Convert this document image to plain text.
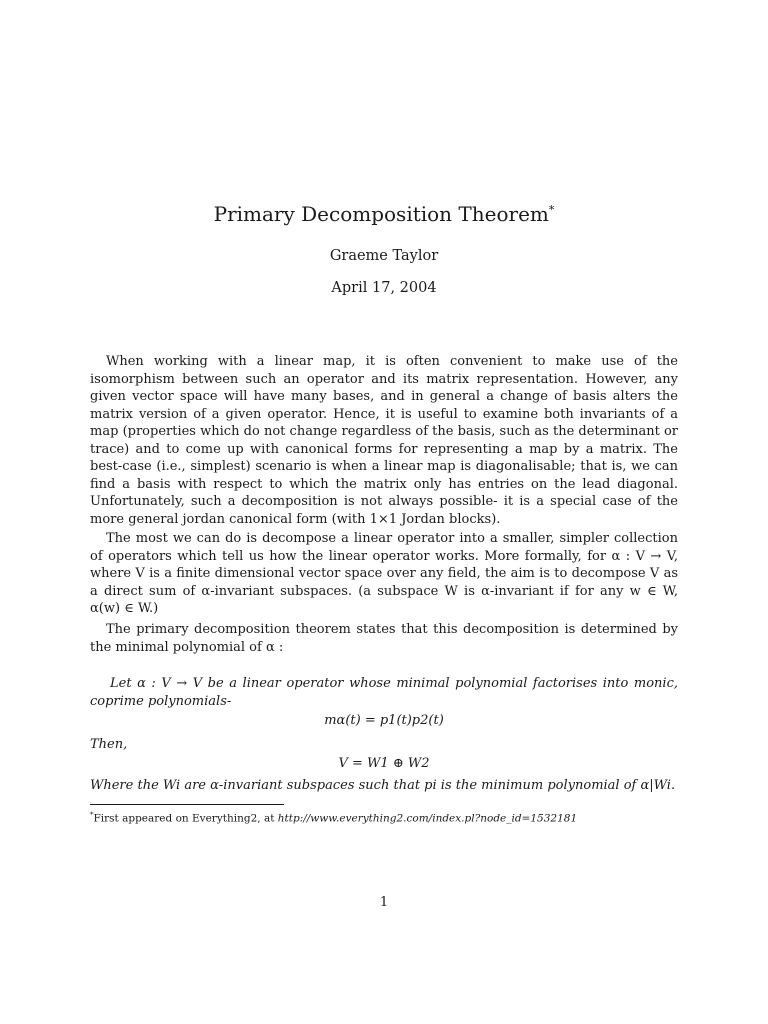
Primary Decomposition Theorem*
Graeme Taylor
April 17, 2004
When working with a linear map, it is often convenient to make use of the isomorphism between such an operator and its matrix representation. However, any given vector space will have many bases, and in general a change of basis alters the matrix version of a given operator. Hence, it is useful to examine both invariants of a map (properties which do not change regardless of the basis, such as the determinant or trace) and to come up with canonical forms for representing a map by a matrix. The best-case (i.e., simplest) scenario is when a linear map is diagonalisable; that is, we can find a basis with respect to which the matrix only has entries on the lead diagonal. Unfortunately, such a decomposition is not always possible- it is a special case of the more general jordan canonical form (with 1×1 Jordan blocks).
The most we can do is decompose a linear operator into a smaller, simpler collection of operators which tell us how the linear operator works. More formally, for α : V → V, where V is a finite dimensional vector space over any field, the aim is to decompose V as a direct sum of α-invariant subspaces. (a subspace W is α-invariant if for any w ∈ W, α(w) ∈ W.)
The primary decomposition theorem states that this decomposition is determined by the minimal polynomial of α :
Let α : V → V be a linear operator whose minimal polynomial factorises into monic, coprime polynomials-
mα(t) = p1(t)p2(t)
Then,
V = W1 ⊕ W2
Where the Wi are α-invariant subspaces such that pi is the minimum polynomial of α|Wi.
*First appeared on Everything2, at http://www.everything2.com/index.pl?node_id=1532181
1
